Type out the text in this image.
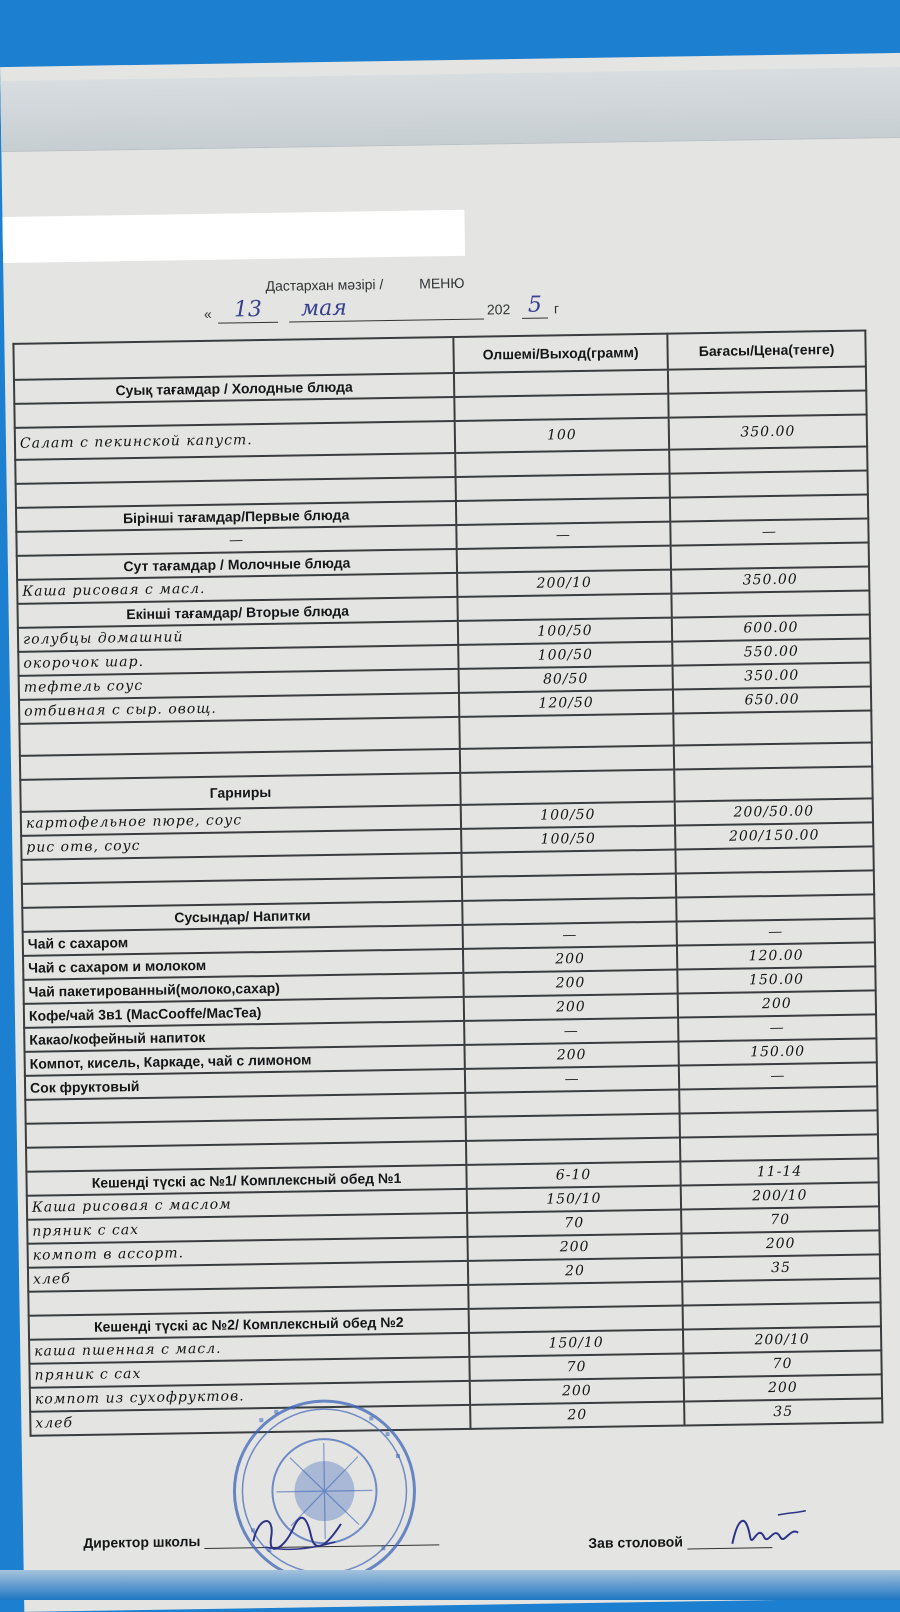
Дастархан мәзірі /	МЕНЮ
« 13	мая	202 5 г
	Олшемі/Выход(грамм)	Бағасы/Цена(тенге)
Суық тағамдар / Холодные блюда		

Салат с пекинской капуст.	100	350.00

Бірінші тағамдар/Первые блюда		
—	—	—
Сут тағамдар / Молочные блюда		
Каша рисовая с масл.	200/10	350.00
Екінші тағамдар/ Вторые блюда		
голубцы домашний	100/50	600.00
окорочок шар.	100/50	550.00
тефтель соус	80/50	350.00
отбивная с сыр. овощ.	120/50	650.00

Гарниры		
картофельное пюре, соус	100/50	200/50.00
рис отв, соус	100/50	200/150.00

Сусындар/ Напитки		
Чай с сахаром	—	—
Чай с сахаром и молоком	200	120.00
Чай пакетированный(молоко,сахар)	200	150.00
Кофе/чай 3в1 (MacCooffe/MacTea)	200	200
Какао/кофейный напиток	—	—
Компот, кисель, Каркаде, чай с лимоном	200	150.00
Сок фруктовый	—	—

Кешенді түскі ас №1/ Комплексный обед №1	6-10	11-14
Каша рисовая с маслом	150/10	200/10
пряник с сах	70	70
компот в ассорт.	200	200
хлеб	20	35

Кешенді түскі ас №2/ Комплексный обед №2		
каша пшенная с масл.	150/10	200/10
пряник с сах	70	70
компот из сухофруктов.	200	200
хлеб	20	35
Директор школы	Зав столовой
